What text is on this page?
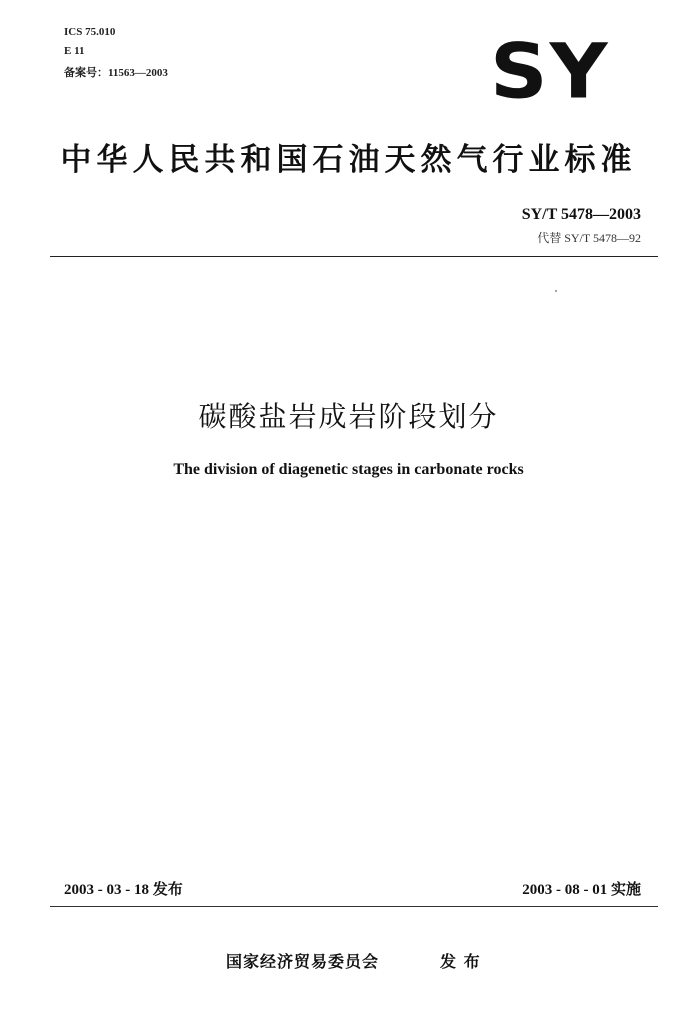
ICS 75.010
E 11
备案号：11563—2003	SY
中华人民共和国石油天然气行业标准
SY/T 5478—2003
代替 SY/T 5478—92
碳酸盐岩成岩阶段划分
The division of diagenetic stages in carbonate rocks
2003 - 03 - 18 发布	2003 - 08 - 01 实施
国家经济贸易委员会	发 布
